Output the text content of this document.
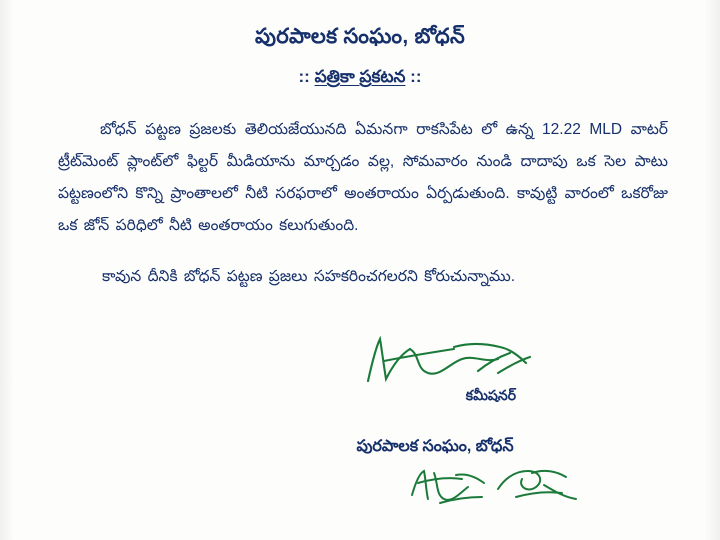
పురపాలక సంఘం, బోధన్
:: పత్రికా ప్రకటన ::

బోధన్ పట్టణ ప్రజలకు తెలియజేయునది ఏమనగా రాకసిపేట లో ఉన్న 12.22 MLD వాటర్ ట్రీట్‌మెంట్ ప్లాంట్‌లో ఫిల్టర్ మీడియాను మార్చడం వల్ల, సోమవారం నుండి దాదాపు ఒక సెల పాటు పట్టణంలోని కొన్ని ప్రాంతాలలో నీటి సరఫరాలో అంతరాయం ఏర్పడుతుంది. కావుట్టి వారంలో ఒకరోజు ఒక జోన్ పరిధిలో నీటి అంతరాయం కలుగుతుంది.

కావున దీనికి బోధన్ పట్టణ ప్రజలు సహకరించగలరని కోరుచున్నాము.

కమీషనర్
పురపాలక సంఘం, బోధన్
